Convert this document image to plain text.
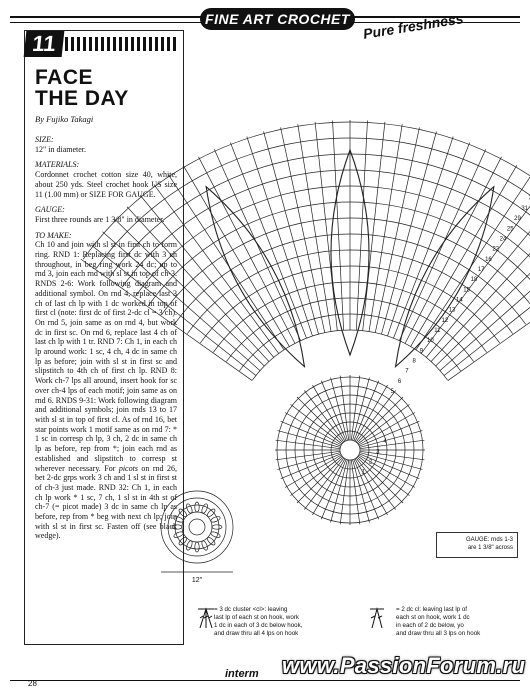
FINE ART CROCHET Pure freshness
11
FACE
THE DAY
By Fujiko Takagi
SIZE:
12" in diameter.
MATERIALS:
Cordonnet crochet cotton size 40, white, about 250 yds. Steel crochet hook US size 11 (1.00 mm) or SIZE FOR GAUGE.
GAUGE:
First three rounds are 1 3/8" in diameter.
TO MAKE:
Ch 10 and join with sl st in first ch to form ring. RND 1: Replacing first dc with 3 ch throughout, in beg ring work 24 dc; up to rnd 3, join each rnd with sl st in top of ch-3. RNDS 2-6: Work following diagram and additional symbol. On rnd 4, replace last 3 ch of last ch lp with 1 dc worked in top of first cl (note: first dc of first 2-dc cl = 3 ch). On rnd 5, join same as on rnd 4, but work dc in first sc. On rnd 6, replace last 4 ch of last ch lp with 1 tr. RND 7: Ch 1, in each ch lp around work: 1 sc, 4 ch, 4 dc in same ch lp as before; join with sl st in first sc and slipstitch to 4th ch of first ch lp. RND 8: Work ch-7 lps all around, insert hook for sc over ch-4 lps of each motif; join same as on rnd 6. RNDS 9-31: Work following diagram and additional symbols; join rnds 13 to 17 with sl st in top of first cl. As of rnd 16, bet star points work 1 motif same as on rnd 7: * 1 sc in corresp ch lp, 3 ch, 2 dc in same ch lp as before, rep from *; join each rnd as established and slipstitch to corresp st wherever necessary. For picots on rnd 26, bet 2-dc grps work 3 ch and 1 sl st in first st of ch-3 just made. RND 32: Ch 1, in each ch lp work * 1 sc, 7 ch, 1 sl st in 4th st of ch-7 (= picot made) 3 dc in same ch lp as before, rep from * beg with next ch lp; join with sl st in first sc. Fasten off (see black wedge).
31
29
25
24
22
16
17
18
15
14
13
12
11
10
9
8
7
6
5
4
3
2
1
12"
GAUGE: rnds 1-3
are 1 3/8" across
= 3 dc cluster <cl>: leaving
last lp of each st on hook, work
1 dc in each of 3 dc below hook,
and draw thru all 4 lps on hook
= 2 dc cl: leaving last lp of
each st on hook, work 1 dc
in each of 2 dc below, yo
and draw thru all 3 lps on hook
interm
28
www.PassionForum.ru
